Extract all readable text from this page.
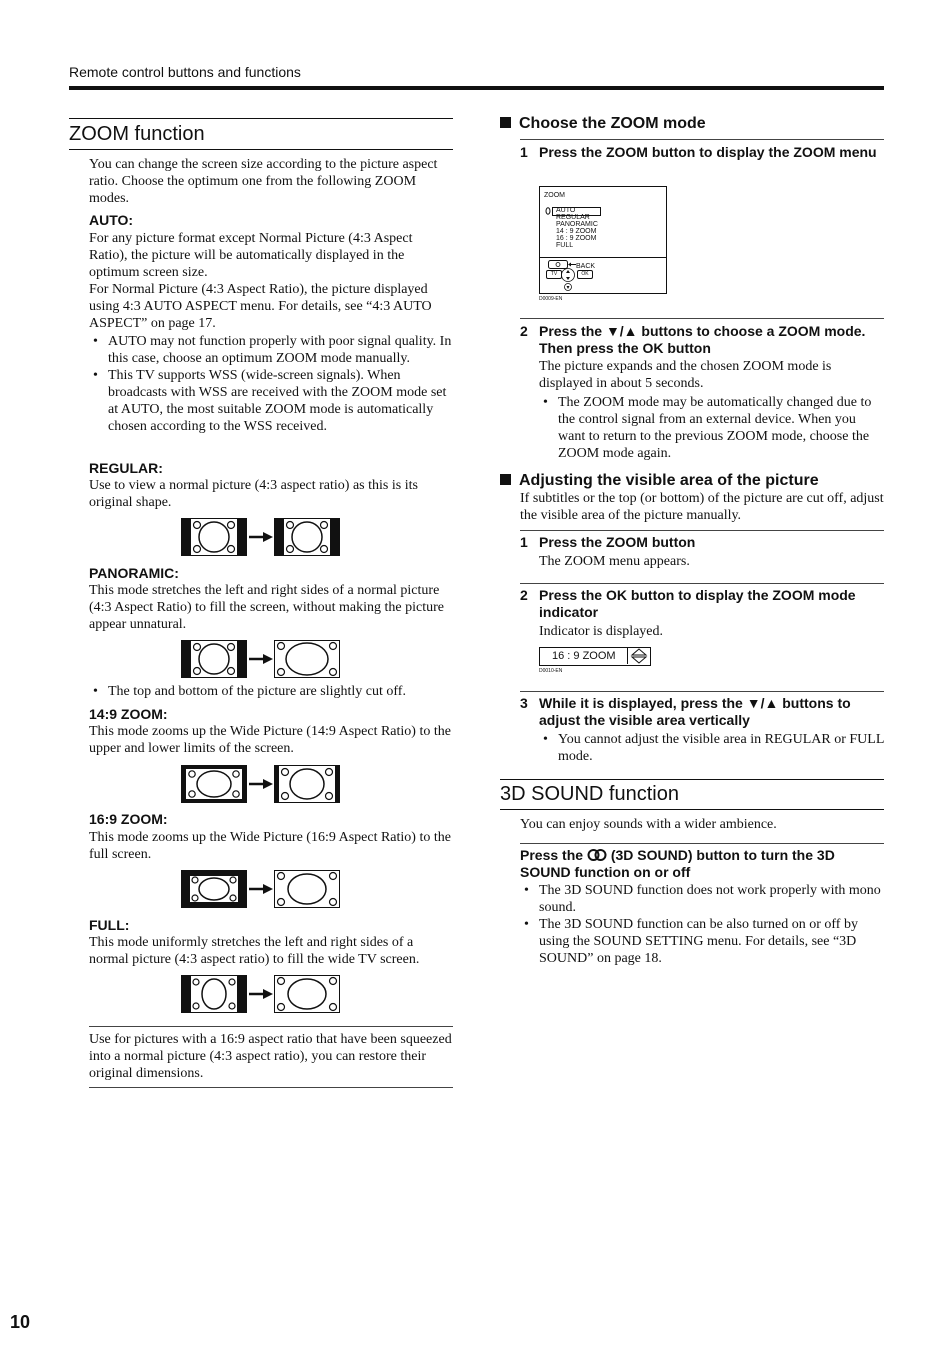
Remote control buttons and functions
ZOOM function

You can change the screen size according to the picture aspect ratio. Choose the optimum one from the following ZOOM modes.

AUTO:

For any picture format except Normal Picture (4:3 Aspect Ratio), the picture will be automatically displayed in the optimum screen size.

For Normal Picture (4:3 Aspect Ratio), the picture displayed using 4:3 AUTO ASPECT menu. For details, see “4:3 AUTO ASPECT” on page 17.

• AUTO may not function properly with poor signal quality. In this case, choose an optimum ZOOM mode manually.
• This TV supports WSS (wide-screen signals). When broadcasts with WSS are received with the ZOOM mode set at AUTO, the most suitable ZOOM mode is automatically chosen according to the WSS received.
REGULAR:

Use to view a normal picture (4:3 aspect ratio) as this is its original shape.

PANORAMIC:

This mode stretches the left and right sides of a normal picture (4:3 Aspect Ratio) to fill the screen, without making the picture appear unnatural.

• The top and bottom of the picture are slightly cut off.
14:9 ZOOM:

This mode zooms up the Wide Picture (14:9 Aspect Ratio) to the upper and lower limits of the screen.

16:9 ZOOM:

This mode zooms up the Wide Picture (16:9 Aspect Ratio) to the full screen.

FULL:

This mode uniformly stretches the left and right sides of a normal picture (4:3 aspect ratio) to fill the wide TV screen.

Use for pictures with a 16:9 aspect ratio that have been squeezed into a normal picture (4:3 aspect ratio), you can restore their original dimensions.

Choose the ZOOM mode
1 Press the ZOOM button to display the ZOOM menu
ZOOM
AUTO
REGULAR
PANORAMIC
14 : 9 ZOOM
16 : 9 ZOOM
FULL
BACK
TV	OK
D0009-EN
2 Press the ▼/▲ buttons to choose a ZOOM mode. Then press the OK button

The picture expands and the chosen ZOOM mode is displayed in about 5 seconds.

• The ZOOM mode may be automatically changed due to the control signal from an external device. When you want to return to the previous ZOOM mode, choose the ZOOM mode again.
Adjusting the visible area of the picture

If subtitles or the top (or bottom) of the picture are cut off, adjust the visible area of the picture manually.

1 Press the ZOOM button

The ZOOM menu appears.

2 Press the OK button to display the ZOOM mode indicator

Indicator is displayed.

16 : 9 ZOOM
D0010-EN
3 While it is displayed, press the ▼/▲ buttons to adjust the visible area vertically
• You cannot adjust the visible area in REGULAR or FULL mode.
3D SOUND function

You can enjoy sounds with a wider ambience.

Press the  (3D SOUND) button to turn the 3D SOUND function on or off
• The 3D SOUND function does not work properly with mono sound.
• The 3D SOUND function can be also turned on or off by using the SOUND SETTING menu. For details, see “3D SOUND” on page 18.
10
